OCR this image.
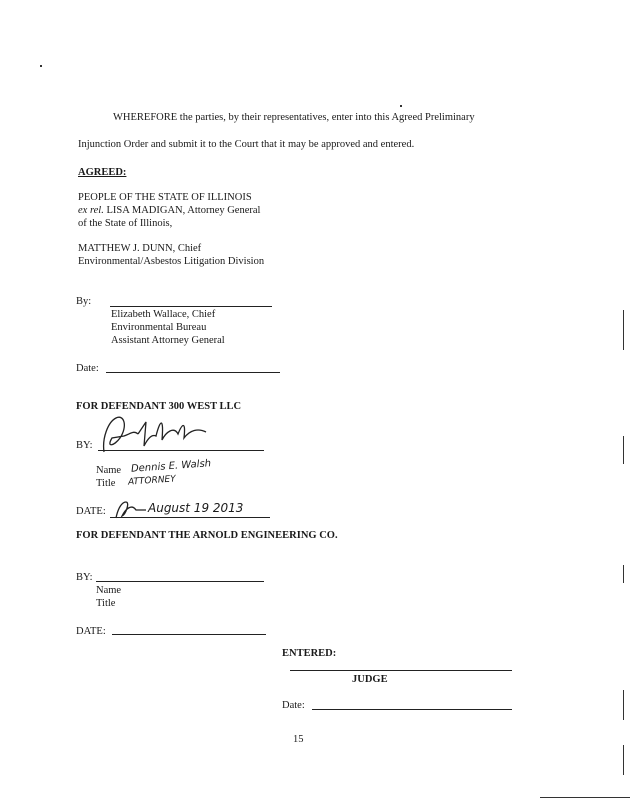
WHEREFORE the parties, by their representatives, enter into this Agreed Preliminary
Injunction Order and submit it to the Court that it may be approved and entered.
AGREED:
PEOPLE OF THE STATE OF ILLINOIS
ex rel. LISA MADIGAN, Attorney General
of the State of Illinois,
MATTHEW J. DUNN, Chief
Environmental/Asbestos Litigation Division
By:
Elizabeth Wallace, Chief
Environmental Bureau
Assistant Attorney General
Date:
FOR DEFENDANT 300 WEST LLC
BY:
Name Dennis E. Walsh
Title ATTORNEY
DATE:	August 19 2013
FOR DEFENDANT THE ARNOLD ENGINEERING CO.
BY:
Name
Title
DATE:
ENTERED:
JUDGE
Date:
15
